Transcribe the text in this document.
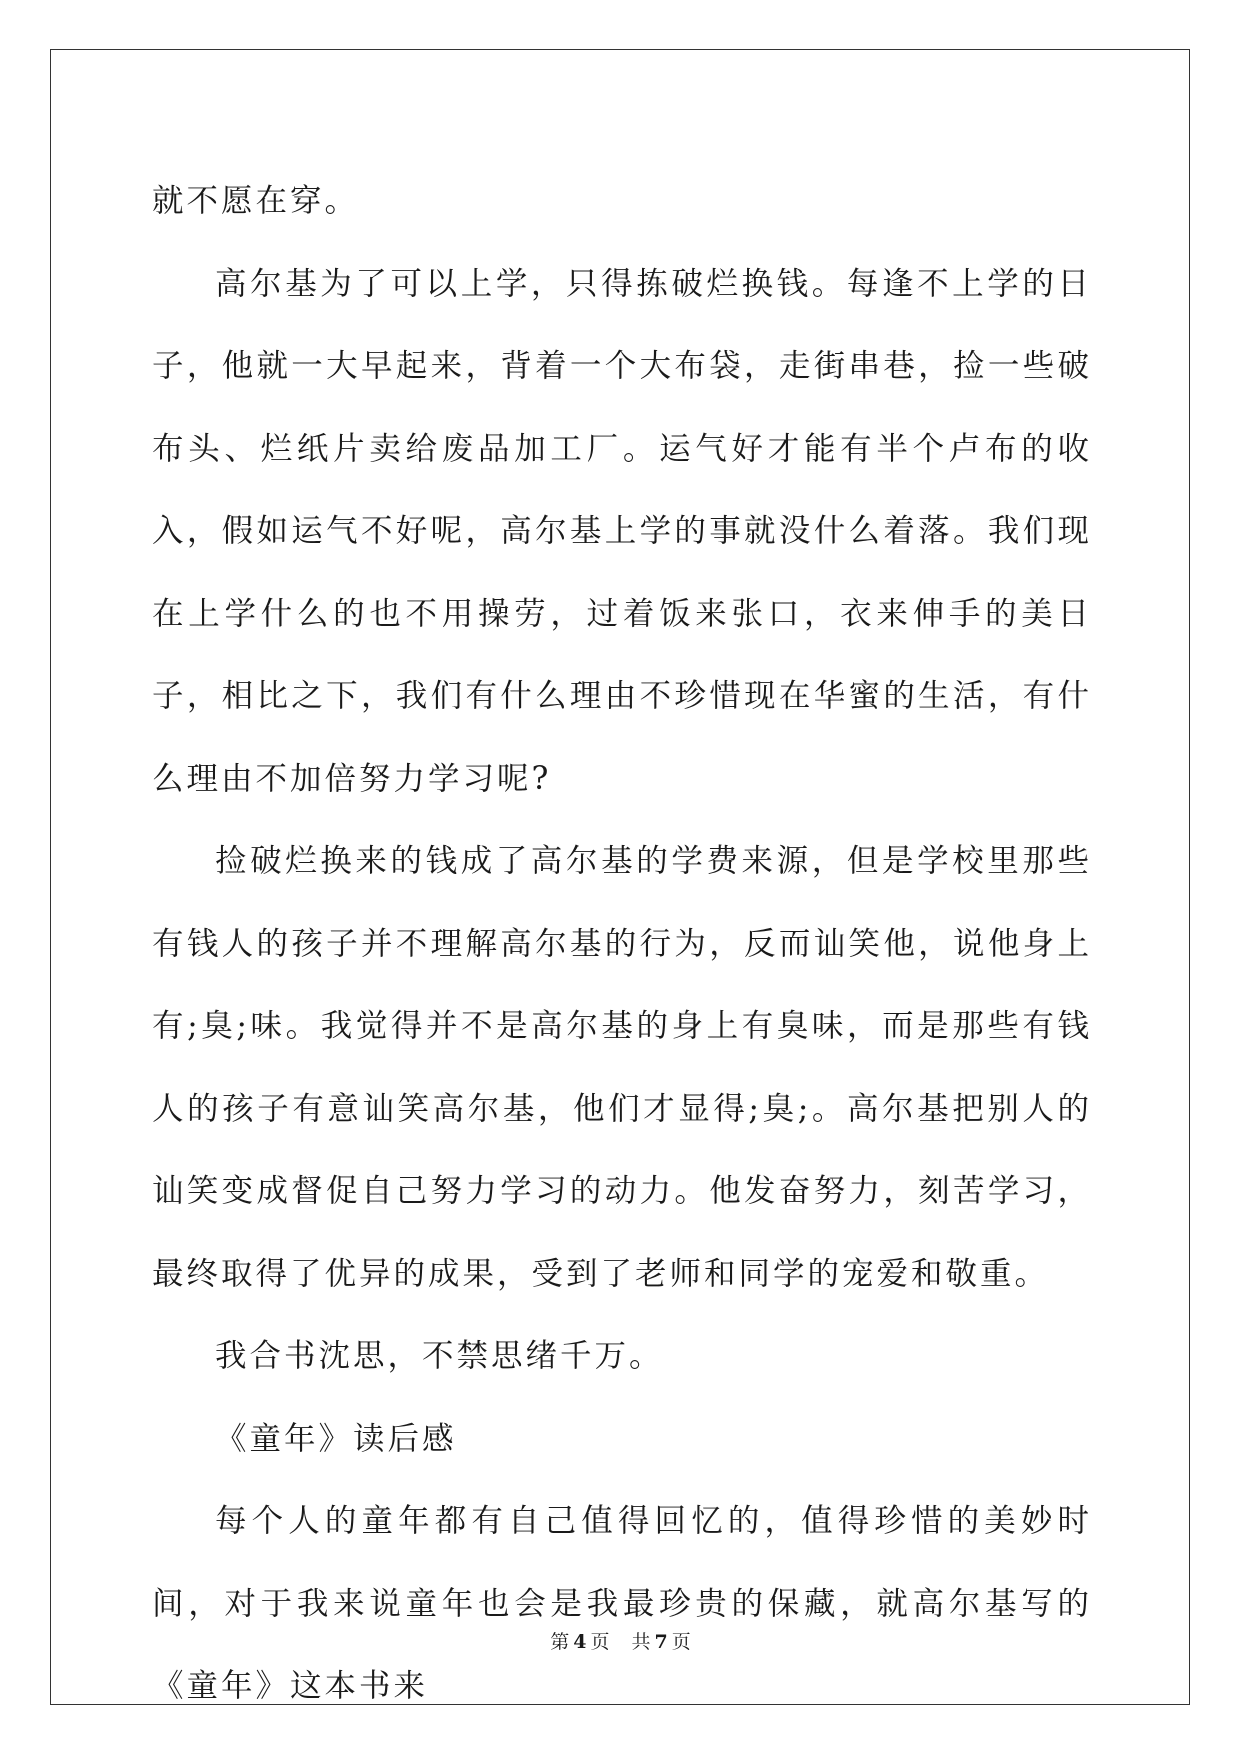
就不愿在穿。

高尔基为了可以上学，只得拣破烂换钱。每逢不上学的日子，他就一大早起来，背着一个大布袋，走街串巷，捡一些破布头、烂纸片卖给废品加工厂。运气好才能有半个卢布的收入，假如运气不好呢，高尔基上学的事就没什么着落。我们现在上学什么的也不用操劳，过着饭来张口，衣来伸手的美日子，相比之下，我们有什么理由不珍惜现在华蜜的生活，有什么理由不加倍努力学习呢?

捡破烂换来的钱成了高尔基的学费来源，但是学校里那些有钱人的孩子并不理解高尔基的行为，反而讪笑他，说他身上有;臭;味。我觉得并不是高尔基的身上有臭味，而是那些有钱人的孩子有意讪笑高尔基，他们才显得;臭;。高尔基把别人的讪笑变成督促自己努力学习的动力。他发奋努力，刻苦学习，最终取得了优异的成果，受到了老师和同学的宠爱和敬重。

我合书沈思，不禁思绪千万。

《童年》读后感

每个人的童年都有自己值得回忆的，值得珍惜的美妙时间，对于我来说童年也会是我最珍贵的保藏，就高尔基写的《童年》这本书来

第 4 页 共 7 页
